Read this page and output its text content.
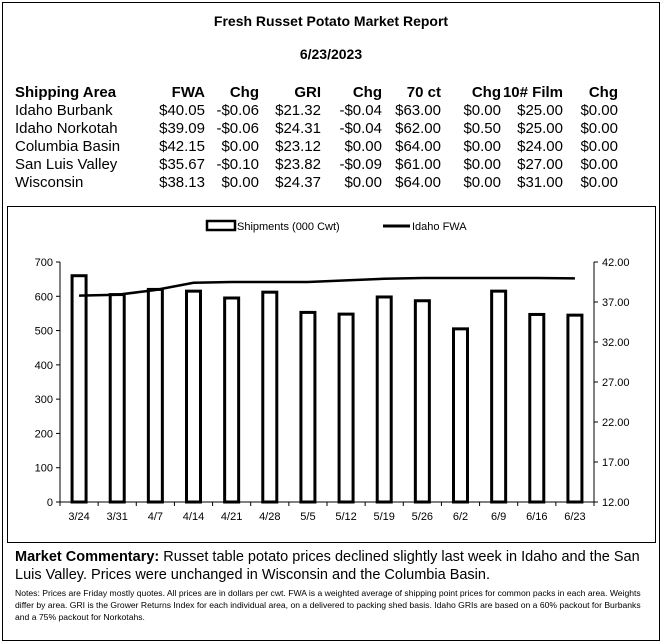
Fresh Russet Potato Market Report
6/23/2023
Shipping Area	FWA	Chg	GRI	Chg	70 ct	Chg	10# Film	Chg
Idaho Burbank	$40.05	-$0.06	$21.32	-$0.04	$63.00	$0.00	$25.00	$0.00
Idaho Norkotah	$39.09	-$0.06	$24.31	-$0.04	$62.00	$0.50	$25.00	$0.00
Columbia Basin	$42.15	$0.00	$23.12	$0.00	$64.00	$0.00	$24.00	$0.00
San Luis Valley	$35.67	-$0.10	$23.82	-$0.09	$61.00	$0.00	$27.00	$0.00
Wisconsin	$38.13	$0.00	$24.37	$0.00	$64.00	$0.00	$31.00	$0.00
0
100
200
300
400
500
600
700
12.00
17.00
22.00
27.00
32.00
37.00
42.00
3/24 3/31 4/7 4/14 4/21 4/28 5/5 5/12 5/19 5/26 6/2 6/9 6/16 6/23
Shipments (000 Cwt)	Idaho FWA
Market Commentary: Russet table potato prices declined slightly last week in Idaho and the San Luis Valley. Prices were unchanged in Wisconsin and the Columbia Basin.
Notes: Prices are Friday mostly quotes. All prices are in dollars per cwt. FWA is a weighted average of shipping point prices for common packs in each area. Weights differ by area. GRI is the Grower Returns Index for each individual area, on a delivered to packing shed basis. Idaho GRIs are based on a 60% packout for Burbanks and a 75% packout for Norkotahs.
